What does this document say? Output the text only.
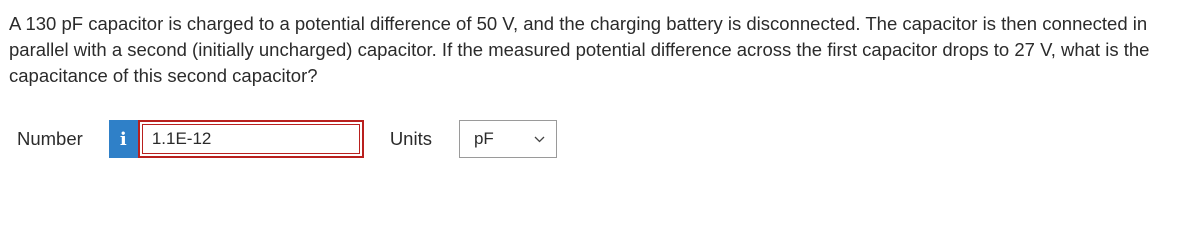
A 130 pF capacitor is charged to a potential difference of 50 V, and the charging battery is disconnected. The capacitor is then connected in parallel with a second (initially uncharged) capacitor. If the measured potential difference across the first capacitor drops to 27 V, what is the capacitance of this second capacitor?

Number	i
1.1E-12	Units pF
